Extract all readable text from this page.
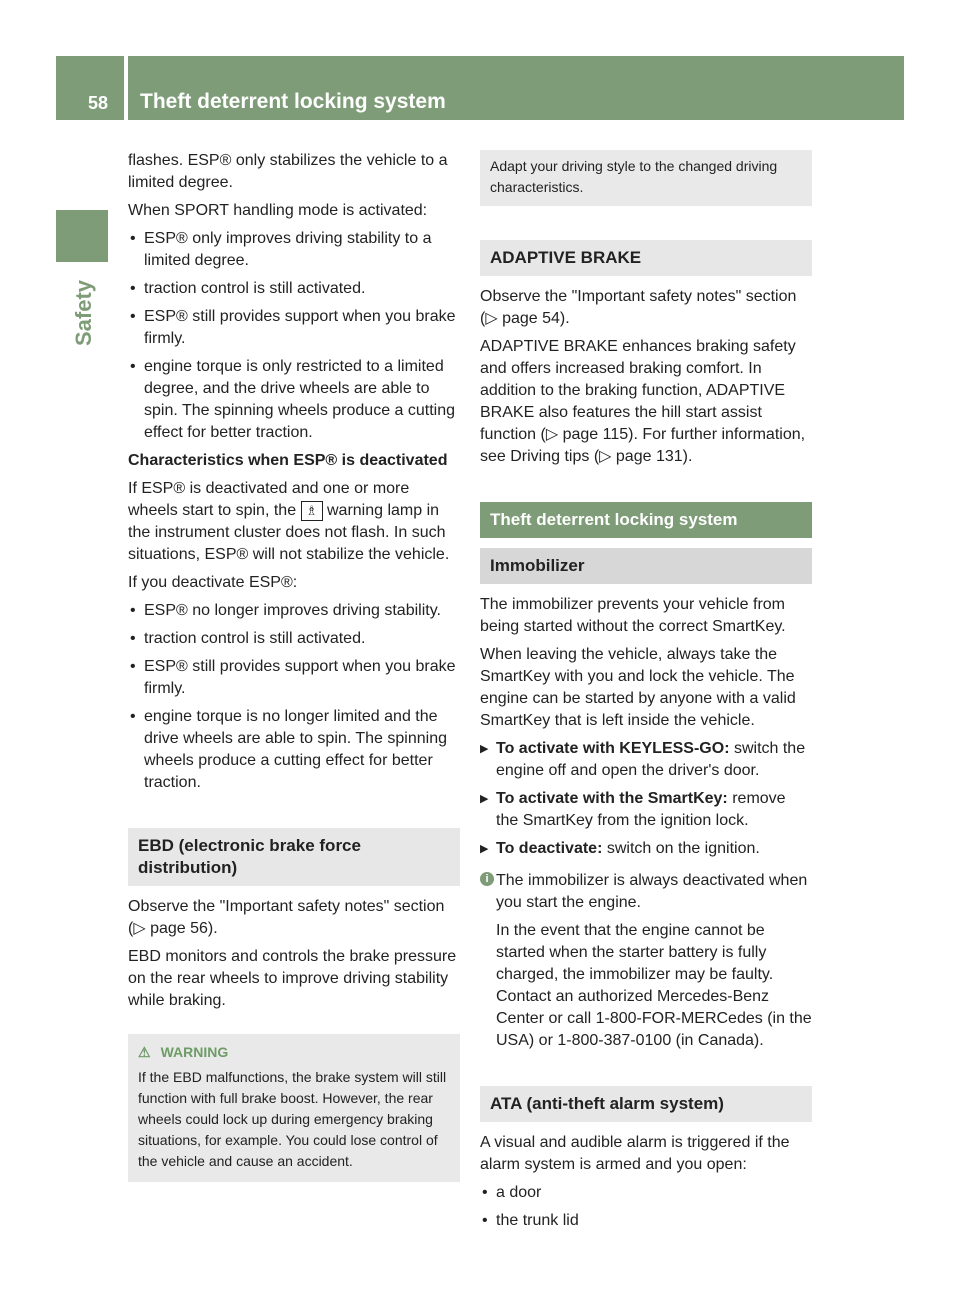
58 Theft deterrent locking system
Safety

flashes. ESP® only stabilizes the vehicle to a limited degree.

When SPORT handling mode is activated:

• ESP® only improves driving stability to a limited degree.
• traction control is still activated.
• ESP® still provides support when you brake firmly.
• engine torque is only restricted to a limited degree, and the drive wheels are able to spin. The spinning wheels produce a cutting effect for better traction.

Characteristics when ESP® is deactivated

If ESP® is deactivated and one or more wheels start to spin, the ♗ warning lamp in the instrument cluster does not flash. In such situations, ESP® will not stabilize the vehicle.

If you deactivate ESP®:

• ESP® no longer improves driving stability.
• traction control is still activated.
• ESP® still provides support when you brake firmly.
• engine torque is no longer limited and the drive wheels are able to spin. The spinning wheels produce a cutting effect for better traction.
EBD (electronic brake force distribution)

Observe the "Important safety notes" section (▷ page 56).

EBD monitors and controls the brake pressure on the rear wheels to improve driving stability while braking.

⚠ WARNING
If the EBD malfunctions, the brake system will still function with full brake boost. However, the rear wheels could lock up during emergency braking situations, for example. You could lose control of the vehicle and cause an accident.
Adapt your driving style to the changed driving characteristics.
ADAPTIVE BRAKE

Observe the "Important safety notes" section (▷ page 54).

ADAPTIVE BRAKE enhances braking safety and offers increased braking comfort. In addition to the braking function, ADAPTIVE BRAKE also features the hill start assist function (▷ page 115). For further information, see Driving tips (▷ page 131).

Theft deterrent locking system
Immobilizer

The immobilizer prevents your vehicle from being started without the correct SmartKey.

When leaving the vehicle, always take the SmartKey with you and lock the vehicle. The engine can be started by anyone with a valid SmartKey that is left inside the vehicle.

▶ To activate with KEYLESS-GO: switch the engine off and open the driver's door.
▶ To activate with the SmartKey: remove the SmartKey from the ignition lock.
▶ To deactivate: switch on the ignition.
i The immobilizer is always deactivated when you start the engine.

In the event that the engine cannot be started when the starter battery is fully charged, the immobilizer may be faulty. Contact an authorized Mercedes-Benz Center or call 1-800-FOR-MERCedes (in the USA) or 1-800-387-0100 (in Canada).

ATA (anti-theft alarm system)

A visual and audible alarm is triggered if the alarm system is armed and you open:

• a door
• the trunk lid
